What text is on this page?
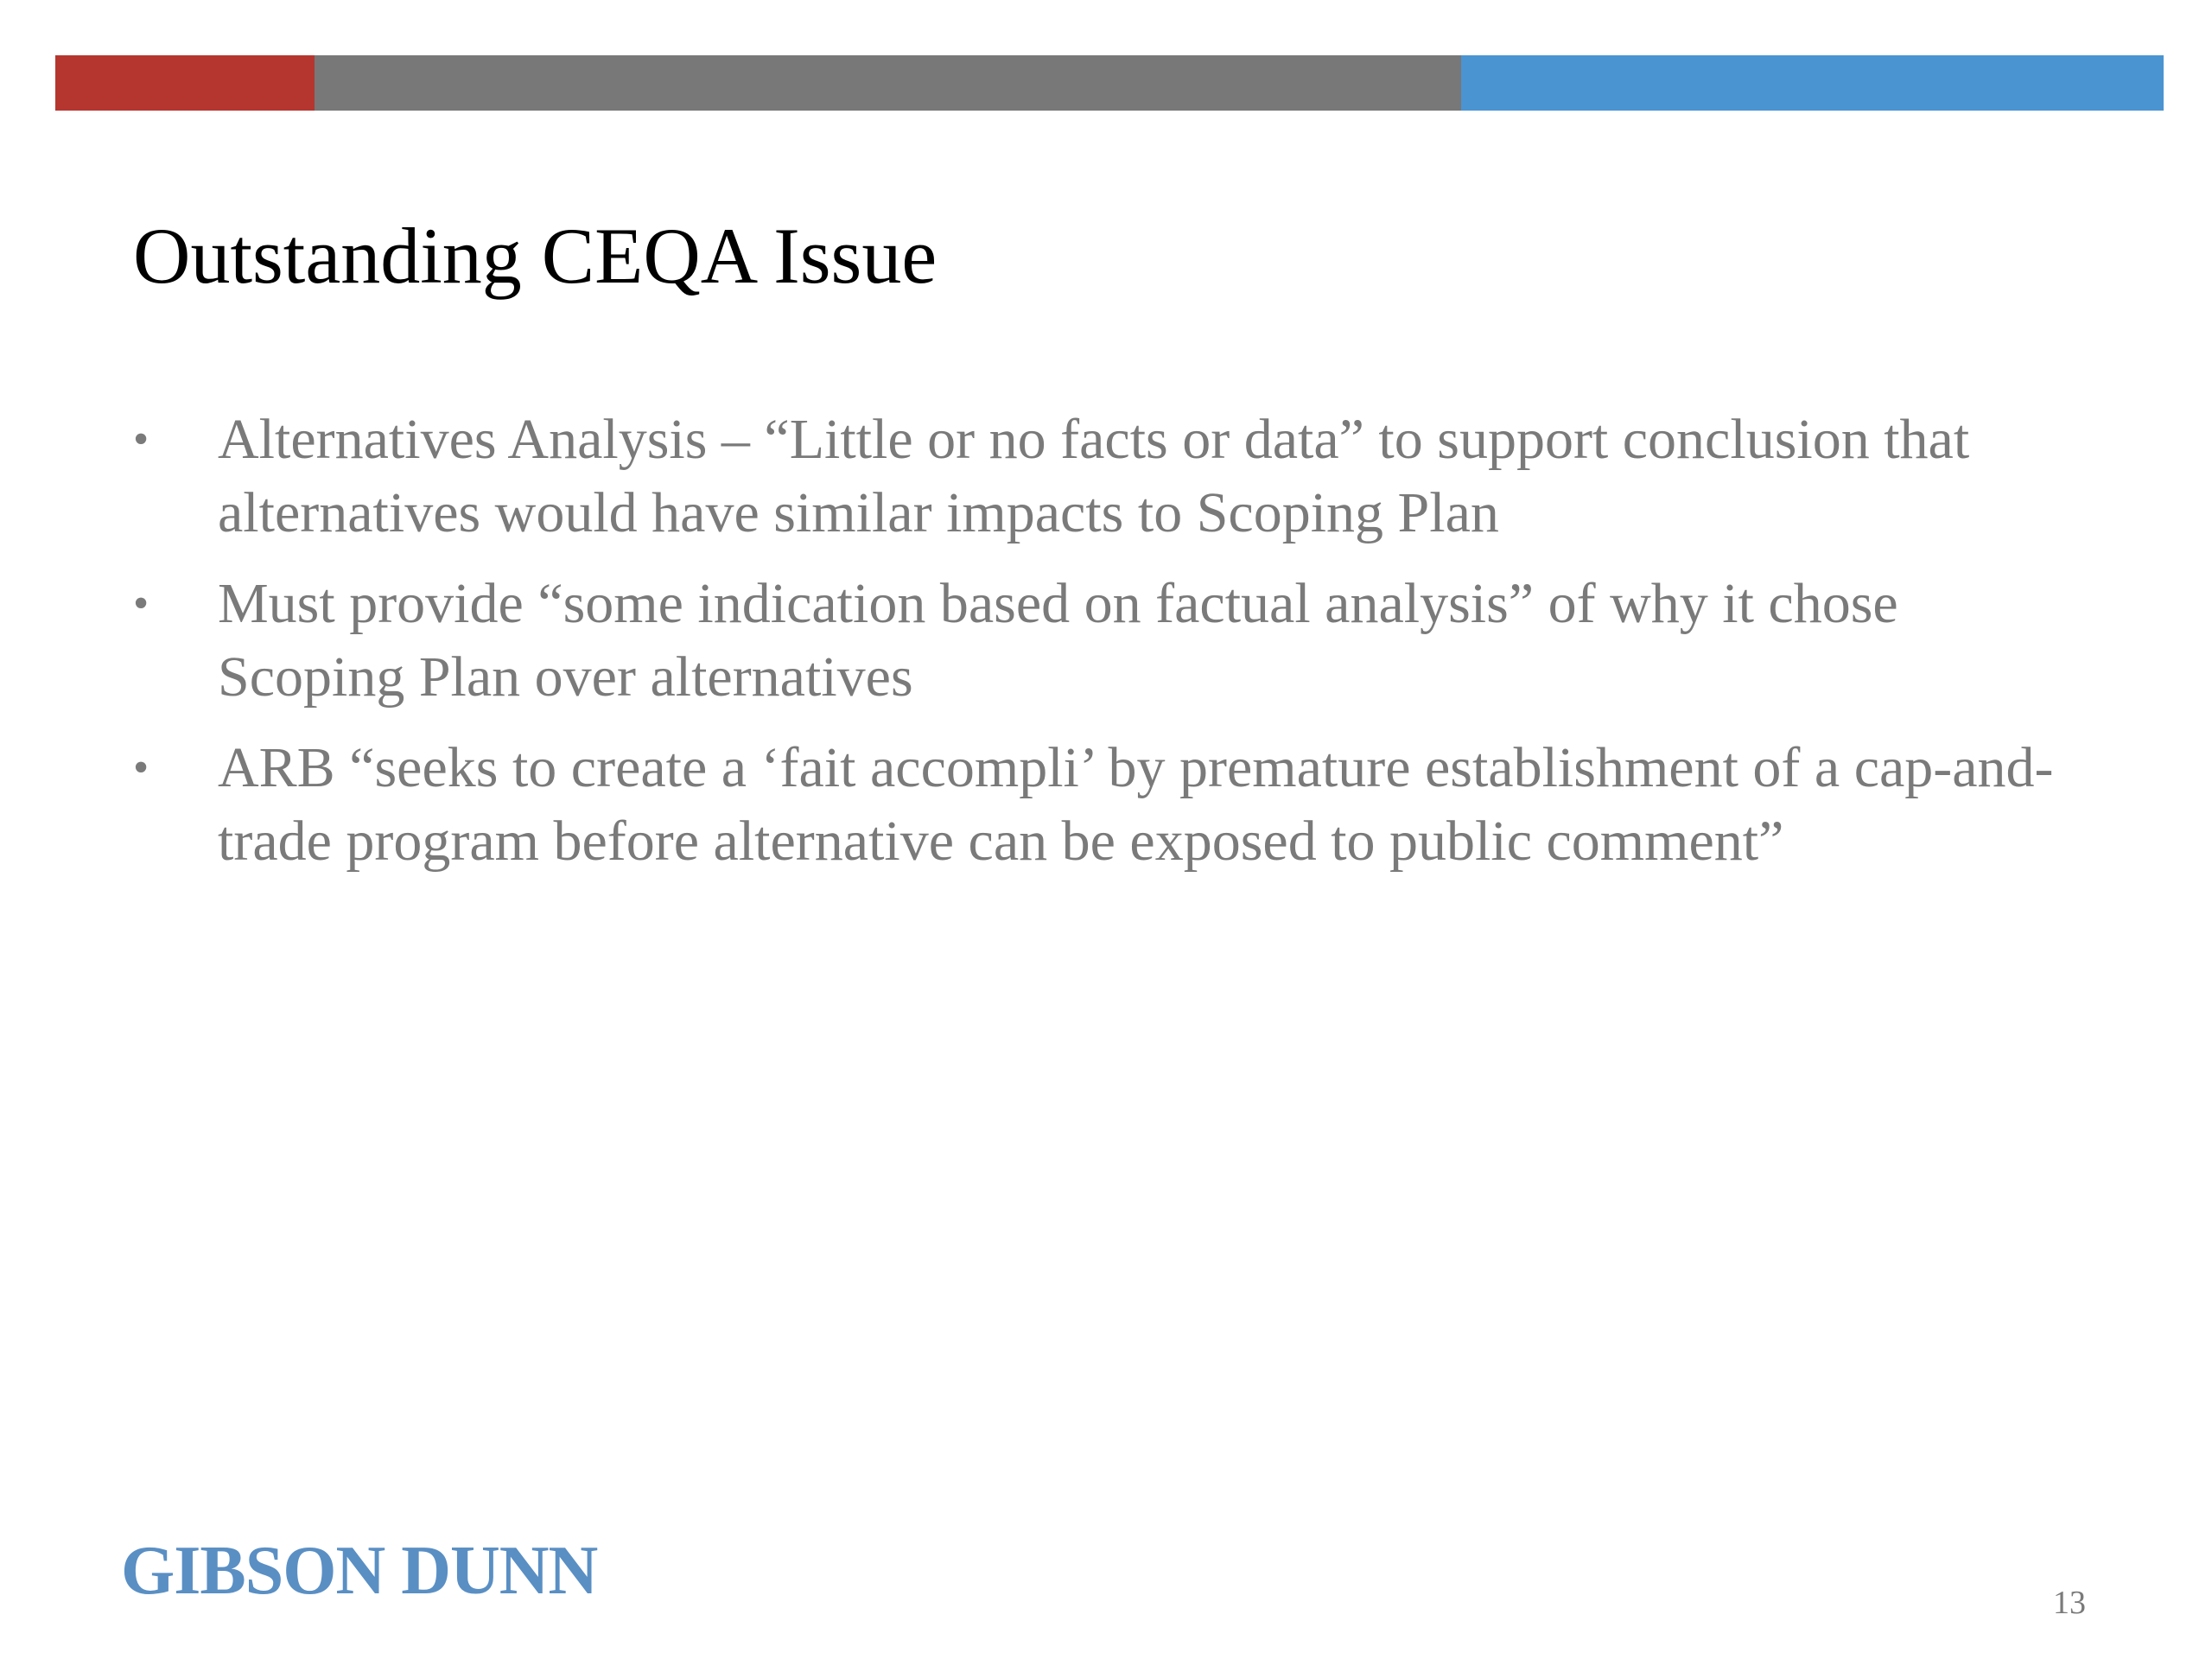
Outstanding CEQA Issue
• Alternatives Analysis – “Little or no facts or data” to support conclusion that alternatives would have similar impacts to Scoping Plan
• Must provide “some indication based on factual analysis” of why it chose Scoping Plan over alternatives
• ARB “seeks to create a ‘fait accompli’ by premature establishment of a cap-and-trade program before alternative can be exposed to public comment”
GIBSON DUNN	13
